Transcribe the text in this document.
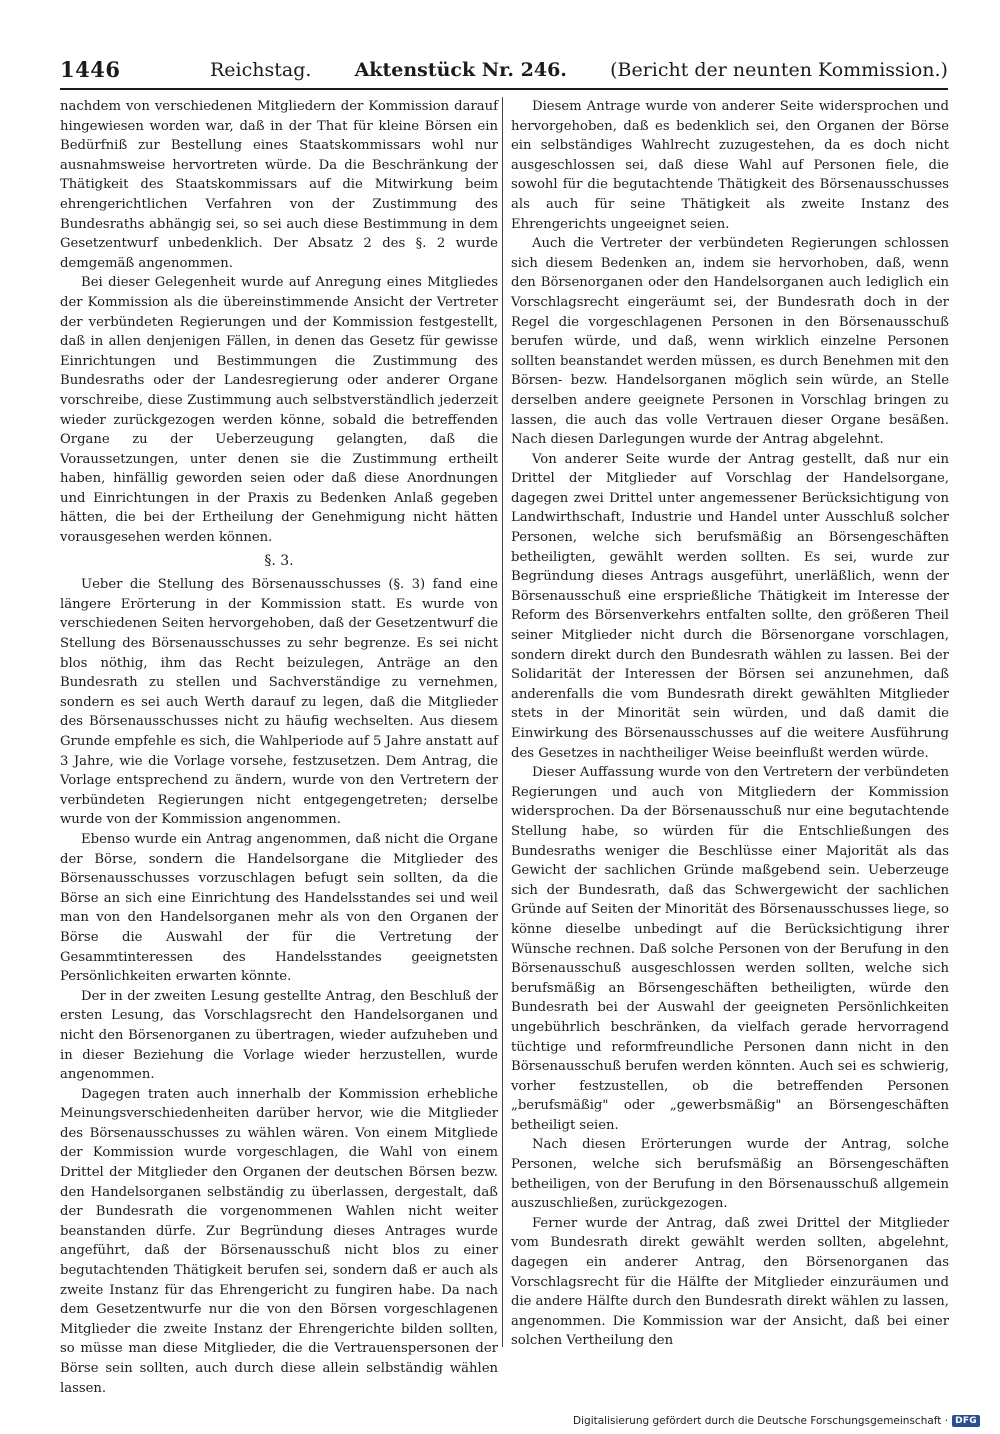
1446	Reichstag. Aktenstück Nr. 246. (Bericht der neunten Kommission.)

nachdem von verschiedenen Mitgliedern der Kommission darauf hingewiesen worden war, daß in der That für kleine Börsen ein Bedürfniß zur Bestellung eines Staatskommissars wohl nur ausnahmsweise hervortreten würde. Da die Beschränkung der Thätigkeit des Staatskommissars auf die Mitwirkung beim ehrengerichtlichen Verfahren von der Zustimmung des Bundesraths abhängig sei, so sei auch diese Bestimmung in dem Gesetzentwurf unbedenklich. Der Absatz 2 des §. 2 wurde demgemäß angenommen.

Bei dieser Gelegenheit wurde auf Anregung eines Mitgliedes der Kommission als die übereinstimmende Ansicht der Vertreter der verbündeten Regierungen und der Kommission festgestellt, daß in allen denjenigen Fällen, in denen das Gesetz für gewisse Einrichtungen und Bestimmungen die Zustimmung des Bundesraths oder der Landesregierung oder anderer Organe vorschreibe, diese Zustimmung auch selbstverständlich jederzeit wieder zurückgezogen werden könne, sobald die betreffenden Organe zu der Ueberzeugung gelangten, daß die Voraussetzungen, unter denen sie die Zustimmung ertheilt haben, hinfällig geworden seien oder daß diese Anordnungen und Einrichtungen in der Praxis zu Bedenken Anlaß gegeben hätten, die bei der Ertheilung der Genehmigung nicht hätten vorausgesehen werden können.

§. 3.

Ueber die Stellung des Börsenausschusses (§. 3) fand eine längere Erörterung in der Kommission statt. Es wurde von verschiedenen Seiten hervorgehoben, daß der Gesetzentwurf die Stellung des Börsenausschusses zu sehr begrenze. Es sei nicht blos nöthig, ihm das Recht beizulegen, Anträge an den Bundesrath zu stellen und Sachverständige zu vernehmen, sondern es sei auch Werth darauf zu legen, daß die Mitglieder des Börsenausschusses nicht zu häufig wechselten. Aus diesem Grunde empfehle es sich, die Wahlperiode auf 5 Jahre anstatt auf 3 Jahre, wie die Vorlage vorsehe, festzusetzen. Dem Antrag, die Vorlage entsprechend zu ändern, wurde von den Vertretern der verbündeten Regierungen nicht entgegengetreten; derselbe wurde von der Kommission angenommen.

Ebenso wurde ein Antrag angenommen, daß nicht die Organe der Börse, sondern die Handelsorgane die Mitglieder des Börsenausschusses vorzuschlagen befugt sein sollten, da die Börse an sich eine Einrichtung des Handelsstandes sei und weil man von den Handelsorganen mehr als von den Organen der Börse die Auswahl der für die Vertretung der Gesammtinteressen des Handelsstandes geeignetsten Persönlichkeiten erwarten könnte.

Der in der zweiten Lesung gestellte Antrag, den Beschluß der ersten Lesung, das Vorschlagsrecht den Handelsorganen und nicht den Börsenorganen zu übertragen, wieder aufzuheben und in dieser Beziehung die Vorlage wieder herzustellen, wurde angenommen.

Dagegen traten auch innerhalb der Kommission erhebliche Meinungsverschiedenheiten darüber hervor, wie die Mitglieder des Börsenausschusses zu wählen wären. Von einem Mitgliede der Kommission wurde vorgeschlagen, die Wahl von einem Drittel der Mitglieder den Organen der deutschen Börsen bezw. den Handelsorganen selbständig zu überlassen, dergestalt, daß der Bundesrath die vorgenommenen Wahlen nicht weiter beanstanden dürfe. Zur Begründung dieses Antrages wurde angeführt, daß der Börsenausschuß nicht blos zu einer begutachtenden Thätigkeit berufen sei, sondern daß er auch als zweite Instanz für das Ehrengericht zu fungiren habe. Da nach dem Gesetzentwurfe nur die von den Börsen vorgeschlagenen Mitglieder die zweite Instanz der Ehrengerichte bilden sollten, so müsse man diese Mitglieder, die die Vertrauenspersonen der Börse sein sollten, auch durch diese allein selbständig wählen lassen.

Diesem Antrage wurde von anderer Seite widersprochen und hervorgehoben, daß es bedenklich sei, den Organen der Börse ein selbständiges Wahlrecht zuzugestehen, da es doch nicht ausgeschlossen sei, daß diese Wahl auf Personen fiele, die sowohl für die begutachtende Thätigkeit des Börsenausschusses als auch für seine Thätigkeit als zweite Instanz des Ehrengerichts ungeeignet seien.

Auch die Vertreter der verbündeten Regierungen schlossen sich diesem Bedenken an, indem sie hervorhoben, daß, wenn den Börsenorganen oder den Handelsorganen auch lediglich ein Vorschlagsrecht eingeräumt sei, der Bundesrath doch in der Regel die vorgeschlagenen Personen in den Börsenausschuß berufen würde, und daß, wenn wirklich einzelne Personen sollten beanstandet werden müssen, es durch Benehmen mit den Börsen- bezw. Handelsorganen möglich sein würde, an Stelle derselben andere geeignete Personen in Vorschlag bringen zu lassen, die auch das volle Vertrauen dieser Organe besäßen. Nach diesen Darlegungen wurde der Antrag abgelehnt.

Von anderer Seite wurde der Antrag gestellt, daß nur ein Drittel der Mitglieder auf Vorschlag der Handelsorgane, dagegen zwei Drittel unter angemessener Berücksichtigung von Landwirthschaft, Industrie und Handel unter Ausschluß solcher Personen, welche sich berufsmäßig an Börsengeschäften betheiligten, gewählt werden sollten. Es sei, wurde zur Begründung dieses Antrags ausgeführt, unerläßlich, wenn der Börsenausschuß eine ersprießliche Thätigkeit im Interesse der Reform des Börsenverkehrs entfalten sollte, den größeren Theil seiner Mitglieder nicht durch die Börsenorgane vorschlagen, sondern direkt durch den Bundesrath wählen zu lassen. Bei der Solidarität der Interessen der Börsen sei anzunehmen, daß anderenfalls die vom Bundesrath direkt gewählten Mitglieder stets in der Minorität sein würden, und daß damit die Einwirkung des Börsenausschusses auf die weitere Ausführung des Gesetzes in nachtheiliger Weise beeinflußt werden würde.

Dieser Auffassung wurde von den Vertretern der verbündeten Regierungen und auch von Mitgliedern der Kommission widersprochen. Da der Börsenausschuß nur eine begutachtende Stellung habe, so würden für die Entschließungen des Bundesraths weniger die Beschlüsse einer Majorität als das Gewicht der sachlichen Gründe maßgebend sein. Ueberzeuge sich der Bundesrath, daß das Schwergewicht der sachlichen Gründe auf Seiten der Minorität des Börsenausschusses liege, so könne dieselbe unbedingt auf die Berücksichtigung ihrer Wünsche rechnen. Daß solche Personen von der Berufung in den Börsenausschuß ausgeschlossen werden sollten, welche sich berufsmäßig an Börsengeschäften betheiligten, würde den Bundesrath bei der Auswahl der geeigneten Persönlichkeiten ungebührlich beschränken, da vielfach gerade hervorragend tüchtige und reformfreundliche Personen dann nicht in den Börsenausschuß berufen werden könnten. Auch sei es schwierig, vorher festzustellen, ob die betreffenden Personen „berufsmäßig" oder „gewerbsmäßig" an Börsengeschäften betheiligt seien.

Nach diesen Erörterungen wurde der Antrag, solche Personen, welche sich berufsmäßig an Börsengeschäften betheiligen, von der Berufung in den Börsenausschuß allgemein auszuschließen, zurückgezogen.

Ferner wurde der Antrag, daß zwei Drittel der Mitglieder vom Bundesrath direkt gewählt werden sollten, abgelehnt, dagegen ein anderer Antrag, den Börsenorganen das Vorschlagsrecht für die Hälfte der Mitglieder einzuräumen und die andere Hälfte durch den Bundesrath direkt wählen zu lassen, angenommen. Die Kommission war der Ansicht, daß bei einer solchen Vertheilung den

Digitalisierung gefördert durch die Deutsche Forschungsgemeinschaft · DFG
